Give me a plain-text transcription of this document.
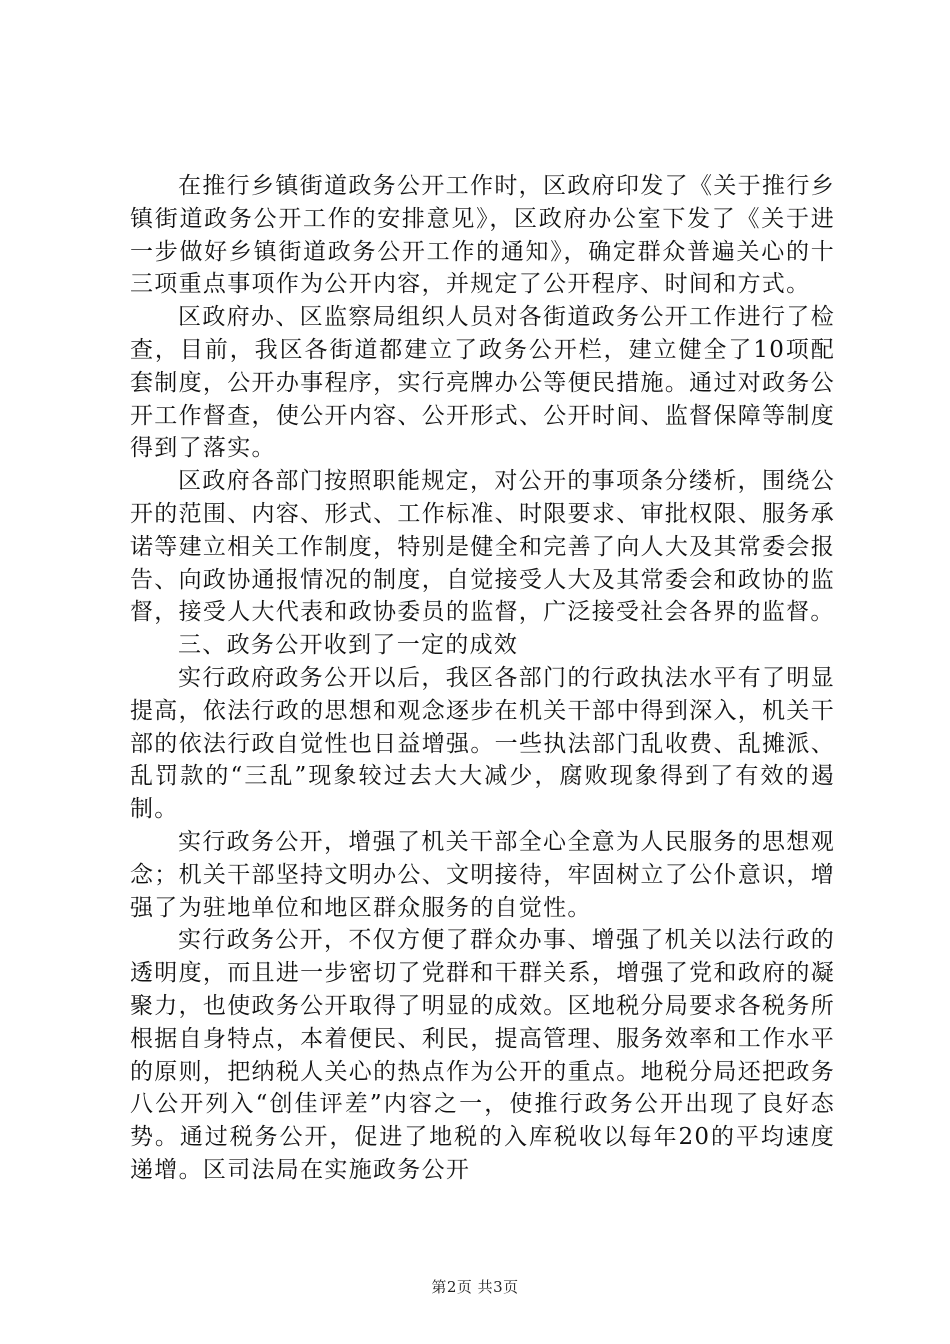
在推行乡镇街道政务公开工作时，区政府印发了《关于推行乡镇街道政务公开工作的安排意见》，区政府办公室下发了《关于进一步做好乡镇街道政务公开工作的通知》，确定群众普遍关心的十三项重点事项作为公开内容，并规定了公开程序、时间和方式。

区政府办、区监察局组织人员对各街道政务公开工作进行了检查，目前，我区各街道都建立了政务公开栏，建立健全了10项配套制度，公开办事程序，实行亮牌办公等便民措施。通过对政务公开工作督查，使公开内容、公开形式、公开时间、监督保障等制度得到了落实。

区政府各部门按照职能规定，对公开的事项条分缕析，围绕公开的范围、内容、形式、工作标准、时限要求、审批权限、服务承诺等建立相关工作制度，特别是健全和完善了向人大及其常委会报告、向政协通报情况的制度，自觉接受人大及其常委会和政协的监督，接受人大代表和政协委员的监督，广泛接受社会各界的监督。

三、政务公开收到了一定的成效

实行政府政务公开以后，我区各部门的行政执法水平有了明显提高，依法行政的思想和观念逐步在机关干部中得到深入，机关干部的依法行政自觉性也日益增强。一些执法部门乱收费、乱摊派、乱罚款的“三乱”现象较过去大大减少，腐败现象得到了有效的遏制。

实行政务公开，增强了机关干部全心全意为人民服务的思想观念；机关干部坚持文明办公、文明接待，牢固树立了公仆意识，增强了为驻地单位和地区群众服务的自觉性。

实行政务公开，不仅方便了群众办事、增强了机关以法行政的透明度，而且进一步密切了党群和干群关系，增强了党和政府的凝聚力，也使政务公开取得了明显的成效。区地税分局要求各税务所根据自身特点，本着便民、利民，提高管理、服务效率和工作水平的原则，把纳税人关心的热点作为公开的重点。地税分局还把政务八公开列入“创佳评差”内容之一，使推行政务公开出现了良好态势。通过税务公开，促进了地税的入库税收以每年20的平均速度递增。区司法局在实施政务公开

第2页 共3页
